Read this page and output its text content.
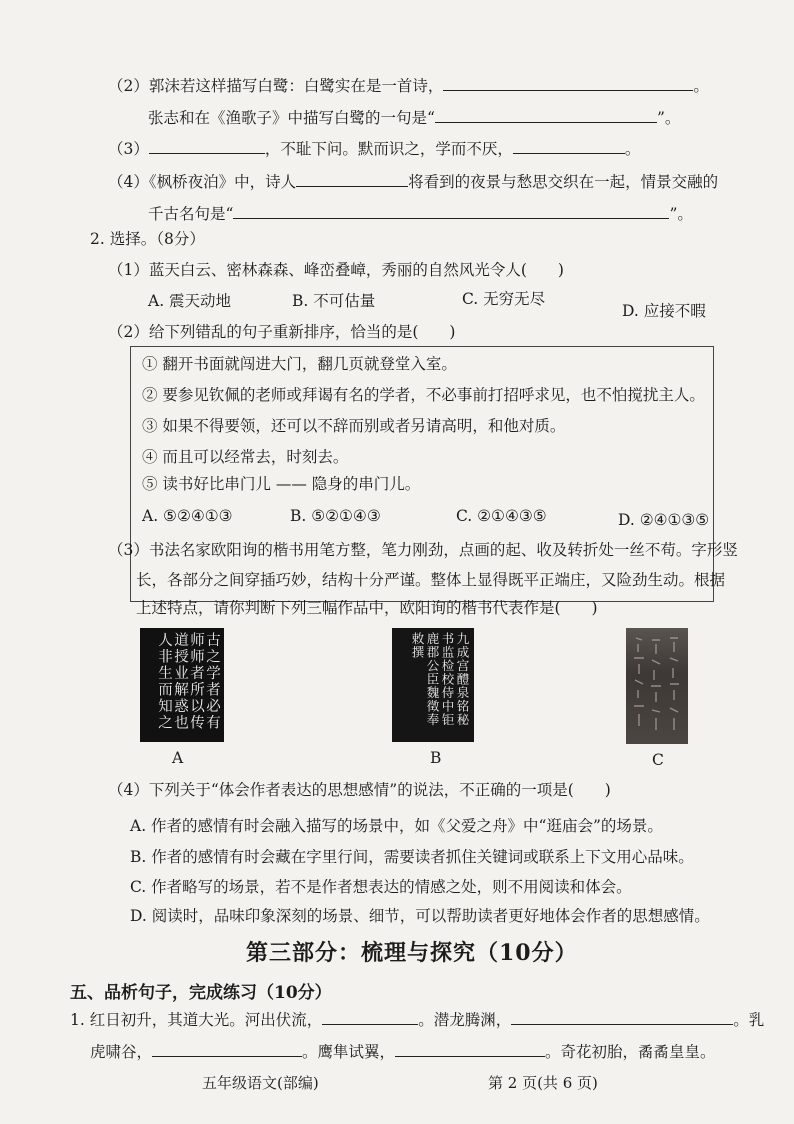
（2）郭沫若这样描写白鹭：白鹭实在是一首诗，	。
张志和在《渔歌子》中描写白鹭的一句是“	”。
（3）	，不耻下问。默而识之，学而不厌，	。
（4）《枫桥夜泊》中，诗人	将看到的夜景与愁思交织在一起，情景交融的
千古名句是“	”。
2. 选择。（8分）
（1）蓝天白云、密林森森、峰峦叠嶂，秀丽的自然风光令人(　　)
A. 震天动地	B. 不可估量	C. 无穷无尽
D. 应接不暇
（2）给下列错乱的句子重新排序，恰当的是(　　)
① 翻开书面就闯进大门，翻几页就登堂入室。
② 要参见钦佩的老师或拜谒有名的学者，不必事前打招呼求见，也不怕搅扰主人。
③ 如果不得要领，还可以不辞而别或者另请高明，和他对质。
④ 而且可以经常去，时刻去。
⑤ 读书好比串门儿 —— 隐身的串门儿。
A. ⑤②④①③	B. ⑤②①④③	C. ②①④③⑤	D. ②④①③⑤
（3）书法名家欧阳询的楷书用笔方整，笔力刚劲，点画的起、收及转折处一丝不苟。字形竖
长，各部分之间穿插巧妙，结构十分严谨。整体上显得既平正端庄，又险劲生动。根据
上述特点，请你判断下列三幅作品中，欧阳询的楷书代表作是(　　)
古之学者必有师师者所以传道授业解惑也人非生而知之
A
九成宫醴泉铭秘书监检校侍中钜鹿郡公臣魏徵奉敕撰
B	C
（4）下列关于“体会作者表达的思想感情”的说法，不正确的一项是(　　)
A. 作者的感情有时会融入描写的场景中，如《父爱之舟》中“逛庙会”的场景。
B. 作者的感情有时会藏在字里行间，需要读者抓住关键词或联系上下文用心品味。
C. 作者略写的场景，若不是作者想表达的情感之处，则不用阅读和体会。
D. 阅读时，品味印象深刻的场景、细节，可以帮助读者更好地体会作者的思想感情。
第三部分：梳理与探究（10分）
五、品析句子，完成练习（10分）
1. 红日初升，其道大光。河出伏流，	。潜龙腾渊，	。乳
虎啸谷，	。鹰隼试翼，	。奇花初胎，矞矞皇皇。
五年级语文(部编)	第 2 页(共 6 页)
